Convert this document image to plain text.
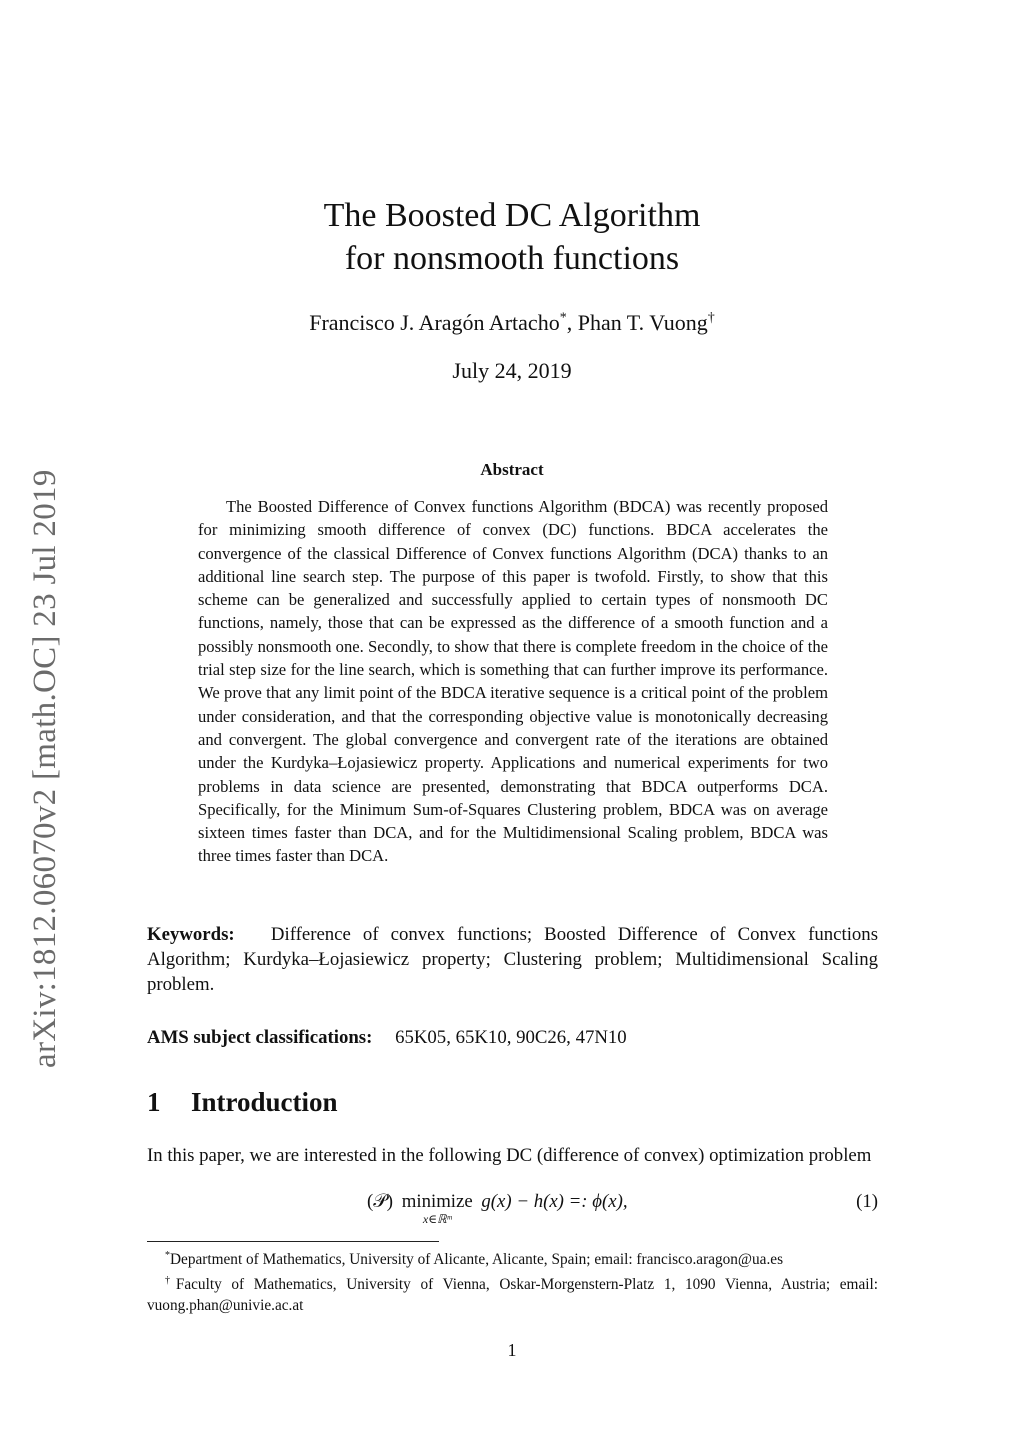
arXiv:1812.06070v2 [math.OC] 23 Jul 2019
The Boosted DC Algorithm
for nonsmooth functions
Francisco J. Aragón Artacho*, Phan T. Vuong†
July 24, 2019
Abstract
The Boosted Difference of Convex functions Algorithm (BDCA) was recently proposed for minimizing smooth difference of convex (DC) functions. BDCA accelerates the convergence of the classical Difference of Convex functions Algorithm (DCA) thanks to an additional line search step. The purpose of this paper is twofold. Firstly, to show that this scheme can be generalized and successfully applied to certain types of nonsmooth DC functions, namely, those that can be expressed as the difference of a smooth function and a possibly nonsmooth one. Secondly, to show that there is complete freedom in the choice of the trial step size for the line search, which is something that can further improve its performance. We prove that any limit point of the BDCA iterative sequence is a critical point of the problem under consideration, and that the corresponding objective value is monotonically decreasing and convergent. The global convergence and convergent rate of the iterations are obtained under the Kurdyka–Łojasiewicz property. Applications and numerical experiments for two problems in data science are presented, demonstrating that BDCA outperforms DCA. Specifically, for the Minimum Sum-of-Squares Clustering problem, BDCA was on average sixteen times faster than DCA, and for the Multidimensional Scaling problem, BDCA was three times faster than DCA.
Keywords: Difference of convex functions; Boosted Difference of Convex functions Algorithm; Kurdyka–Łojasiewicz property; Clustering problem; Multidimensional Scaling problem.
AMS subject classifications: 65K05, 65K10, 90C26, 47N10
1 Introduction
In this paper, we are interested in the following DC (difference of convex) optimization problem
(𝒫) minimize
x∈ℝᵐ
g(x) − h(x) =: ϕ(x),	(1)
*Department of Mathematics, University of Alicante, Alicante, Spain; email: francisco.aragon@ua.es
†Faculty of Mathematics, University of Vienna, Oskar-Morgenstern-Platz 1, 1090 Vienna, Austria; email: vuong.phan@univie.ac.at
1
